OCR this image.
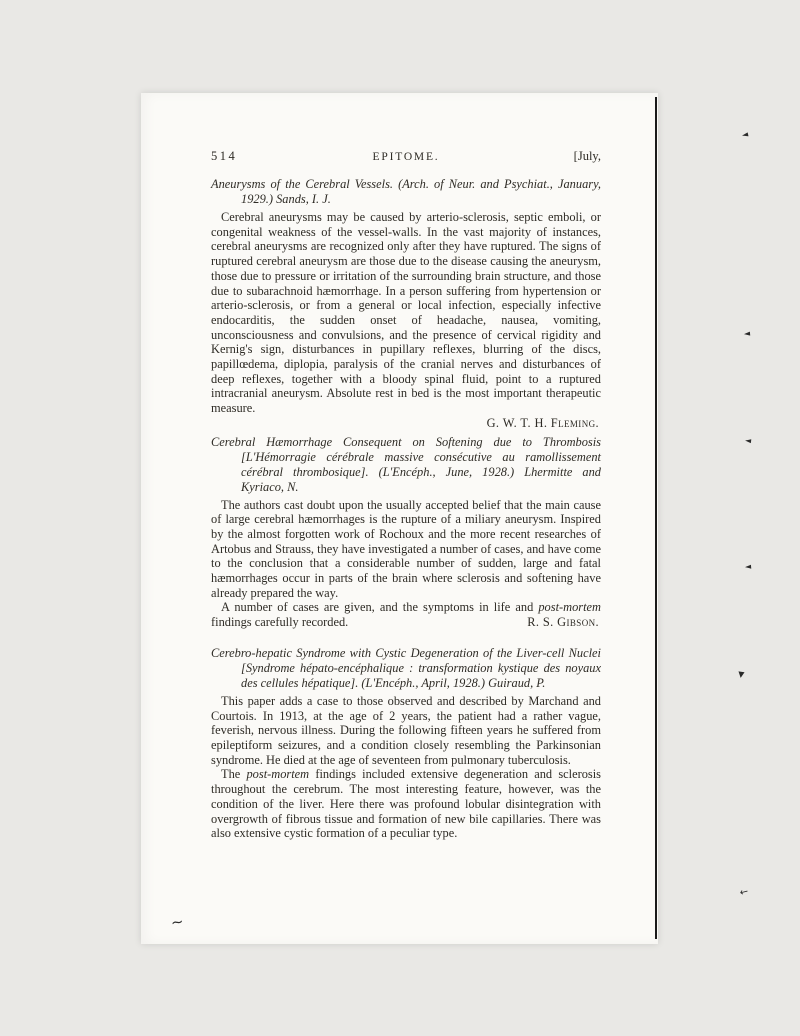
514	EPITOME.	[July,
Aneurysms of the Cerebral Vessels. (Arch. of Neur. and Psychiat., January, 1929.) Sands, I. J.

Cerebral aneurysms may be caused by arterio-sclerosis, septic emboli, or congenital weakness of the vessel-walls. In the vast majority of instances, cerebral aneurysms are recognized only after they have ruptured. The signs of ruptured cerebral aneurysm are those due to the disease causing the aneurysm, those due to pressure or irritation of the surrounding brain structure, and those due to subarachnoid hæmorrhage. In a person suffering from hypertension or arterio-sclerosis, or from a general or local infection, especially infective endocarditis, the sudden onset of headache, nausea, vomiting, unconsciousness and convulsions, and the presence of cervical rigidity and Kernig's sign, disturbances in pupillary reflexes, blurring of the discs, papillœdema, diplopia, paralysis of the cranial nerves and disturbances of deep reflexes, together with a bloody spinal fluid, point to a ruptured intracranial aneurysm. Absolute rest in bed is the most important therapeutic measure.

G. W. T. H. Fleming.
Cerebral Hæmorrhage Consequent on Softening due to Thrombosis [L'Hémorragie cérébrale massive consécutive au ramollissement cérébral thrombosique]. (L'Encéph., June, 1928.) Lhermitte and Kyriaco, N.

The authors cast doubt upon the usually accepted belief that the main cause of large cerebral hæmorrhages is the rupture of a miliary aneurysm. Inspired by the almost forgotten work of Rochoux and the more recent researches of Artobus and Strauss, they have investigated a number of cases, and have come to the conclusion that a considerable number of sudden, large and fatal hæmorrhages occur in parts of the brain where sclerosis and softening have already prepared the way.

A number of cases are given, and the symptoms in life and post-mortem findings carefully recorded.	R. S. Gibson.
Cerebro-hepatic Syndrome with Cystic Degeneration of the Liver-cell Nuclei [Syndrome hépato-encéphalique : transformation kystique des noyaux des cellules hépatique]. (L'Encéph., April, 1928.) Guiraud, P.

This paper adds a case to those observed and described by Marchand and Courtois. In 1913, at the age of 2 years, the patient had a rather vague, feverish, nervous illness. During the following fifteen years he suffered from epileptiform seizures, and a condition closely resembling the Parkinsonian syndrome. He died at the age of seventeen from pulmonary tuberculosis.

The post-mortem findings included extensive degeneration and sclerosis throughout the cerebrum. The most interesting feature, however, was the condition of the liver. Here there was profound lobular disintegration with overgrowth of fibrous tissue and formation of new bile capillaries. There was also extensive cystic formation of a peculiar type.

◄
◄
◄
◄
▼
←
~
